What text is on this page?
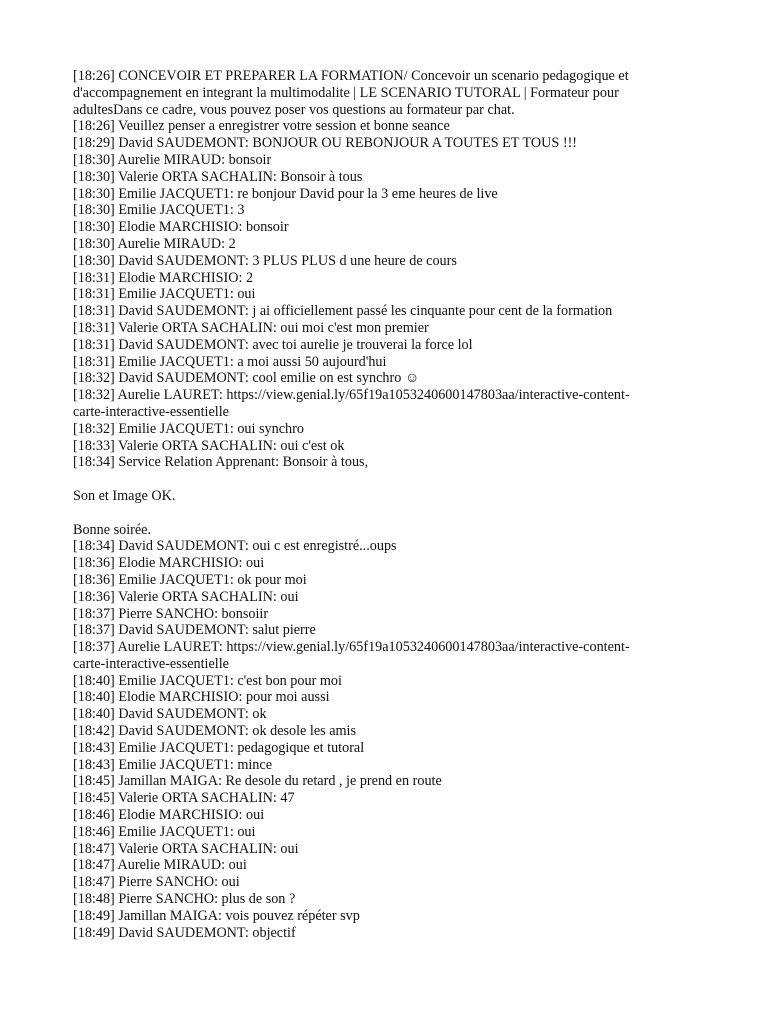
[18:26] CONCEVOIR ET PREPARER LA FORMATION/ Concevoir un scenario pedagogique et
d'accompagnement en integrant la multimodalite | LE SCENARIO TUTORAL | Formateur pour
adultesDans ce cadre, vous pouvez poser vos questions au formateur par chat.
[18:26] Veuillez penser a enregistrer votre session et bonne seance
[18:29] David SAUDEMONT: BONJOUR OU REBONJOUR A TOUTES ET TOUS !!!
[18:30] Aurelie MIRAUD: bonsoir
[18:30] Valerie ORTA SACHALIN: Bonsoir à tous
[18:30] Emilie JACQUET1: re bonjour David pour la 3 eme heures de live
[18:30] Emilie JACQUET1: 3
[18:30] Elodie MARCHISIO: bonsoir
[18:30] Aurelie MIRAUD: 2
[18:30] David SAUDEMONT: 3 PLUS PLUS d une heure de cours
[18:31] Elodie MARCHISIO: 2
[18:31] Emilie JACQUET1: oui
[18:31] David SAUDEMONT: j ai officiellement passé les cinquante pour cent de la formation
[18:31] Valerie ORTA SACHALIN: oui moi c'est mon premier
[18:31] David SAUDEMONT: avec toi aurelie je trouverai la force lol
[18:31] Emilie JACQUET1: a moi aussi 50 aujourd'hui
[18:32] David SAUDEMONT: cool emilie on est synchro ☺
[18:32] Aurelie LAURET: https://view.genial.ly/65f19a1053240600147803aa/interactive-content-
carte-interactive-essentielle
[18:32] Emilie JACQUET1: oui synchro
[18:33] Valerie ORTA SACHALIN: oui c'est ok
[18:34] Service Relation Apprenant: Bonsoir à tous,
Son et Image OK.
Bonne soirée.
[18:34] David SAUDEMONT: oui c est enregistré...oups
[18:36] Elodie MARCHISIO: oui
[18:36] Emilie JACQUET1: ok pour moi
[18:36] Valerie ORTA SACHALIN: oui
[18:37] Pierre SANCHO: bonsoiir
[18:37] David SAUDEMONT: salut pierre
[18:37] Aurelie LAURET: https://view.genial.ly/65f19a1053240600147803aa/interactive-content-
carte-interactive-essentielle
[18:40] Emilie JACQUET1: c'est bon pour moi
[18:40] Elodie MARCHISIO: pour moi aussi
[18:40] David SAUDEMONT: ok
[18:42] David SAUDEMONT: ok desole les amis
[18:43] Emilie JACQUET1: pedagogique et tutoral
[18:43] Emilie JACQUET1: mince
[18:45] Jamillan MAIGA: Re desole du retard , je prend en route
[18:45] Valerie ORTA SACHALIN: 47
[18:46] Elodie MARCHISIO: oui
[18:46] Emilie JACQUET1: oui
[18:47] Valerie ORTA SACHALIN: oui
[18:47] Aurelie MIRAUD: oui
[18:47] Pierre SANCHO: oui
[18:48] Pierre SANCHO: plus de son ?
[18:49] Jamillan MAIGA: vois pouvez répéter svp
[18:49] David SAUDEMONT: objectif
